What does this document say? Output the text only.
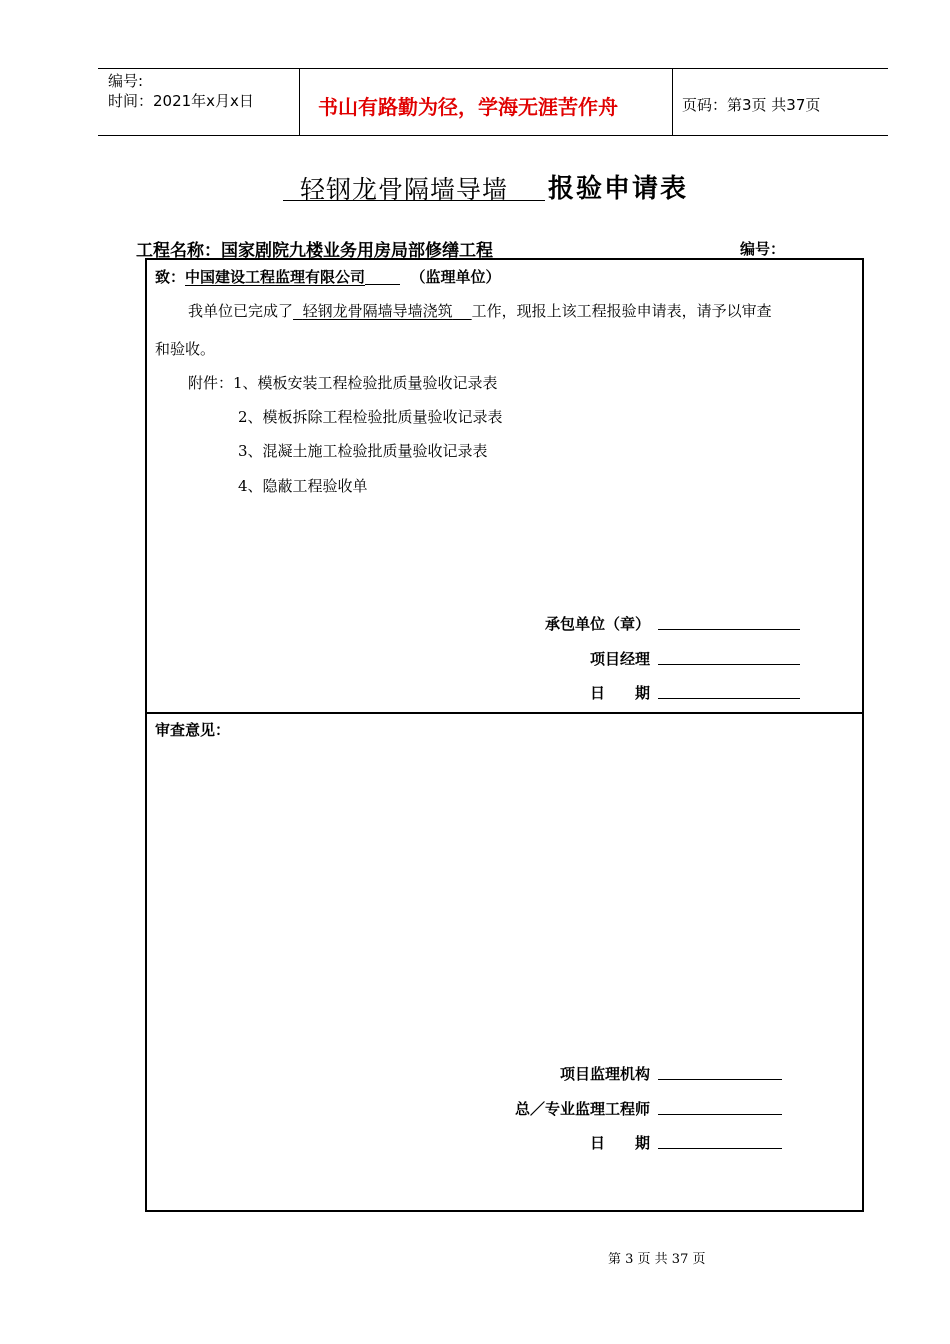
编号:
时间：2021年x月x日	书山有路勤为径，学海无涯苦作舟	页码：第3页 共37页
轻钢龙骨隔墙导墙 报验申请表
工程名称：国家剧院九楼业务用房局部修缮工程	编号：
致：中国建设工程监理有限公司	（监理单位）
我单位已完成了 轻钢龙骨隔墙导墙浇筑 工作，现报上该工程报验申请表，请予以审查
和验收。
附件：1、模板安装工程检验批质量验收记录表
2、模板拆除工程检验批质量验收记录表
3、混凝土施工检验批质量验收记录表
4、隐蔽工程验收单
承包单位（章）
项目经理
日　　期
审查意见：
项目监理机构
总／专业监理工程师
日　　期
第 3 页 共 37 页
